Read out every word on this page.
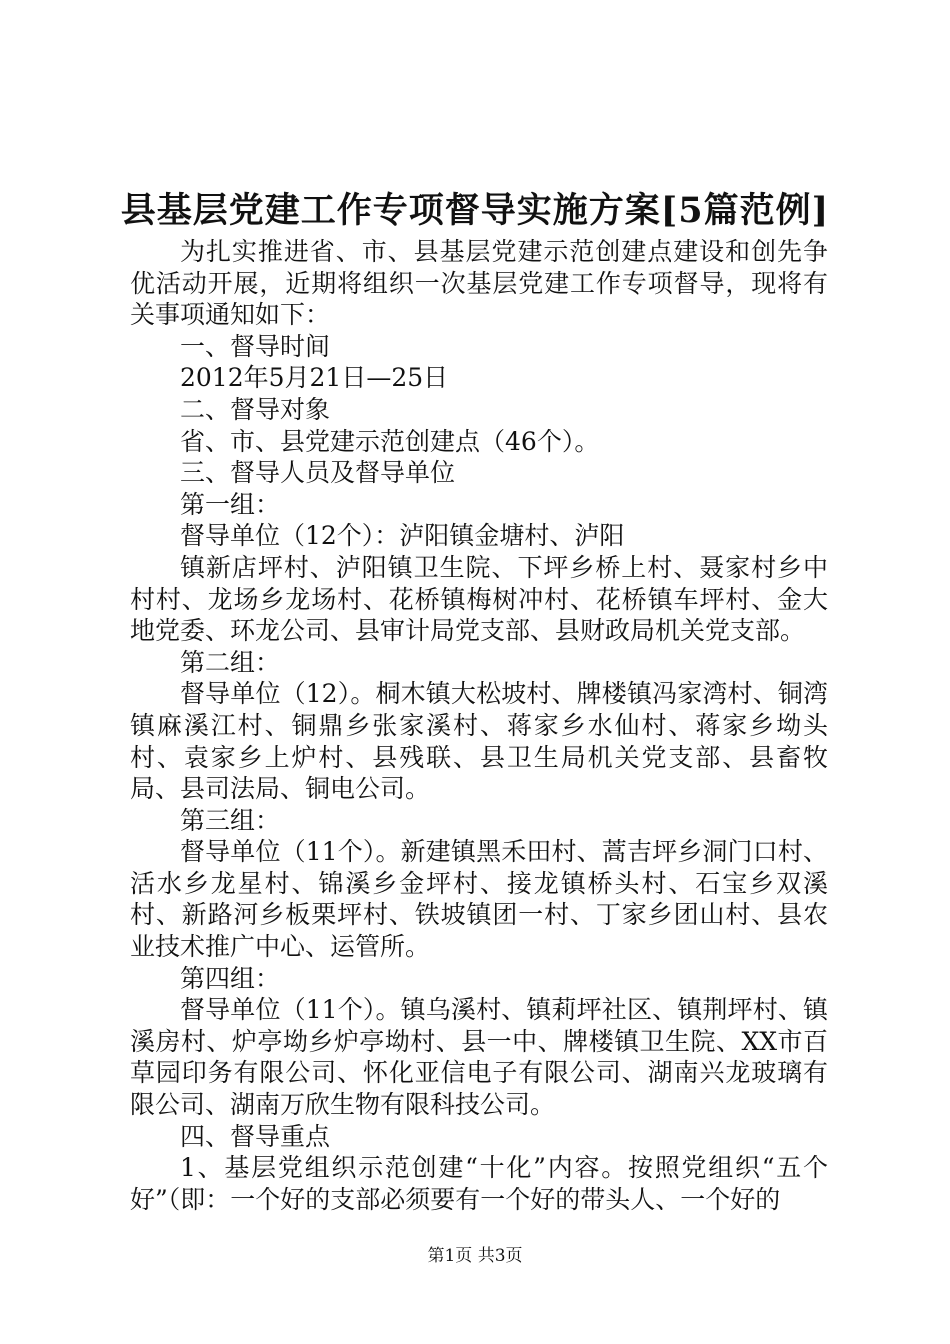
县基层党建工作专项督导实施方案[5篇范例]

为扎实推进省、市、县基层党建示范创建点建设和创先争优活动开展，近期将组织一次基层党建工作专项督导，现将有关事项通知如下：

一、督导时间

2012年5月21日—25日

二、督导对象

省、市、县党建示范创建点（46个）。

三、督导人员及督导单位

第一组：

督导单位（12个）：泸阳镇金塘村、泸阳

镇新店坪村、泸阳镇卫生院、下坪乡桥上村、聂家村乡中村村、龙场乡龙场村、花桥镇梅树冲村、花桥镇车坪村、金大地党委、环龙公司、县审计局党支部、县财政局机关党支部。

第二组：

督导单位（12）。桐木镇大松坡村、牌楼镇冯家湾村、铜湾镇麻溪江村、铜鼎乡张家溪村、蒋家乡水仙村、蒋家乡坳头村、袁家乡上炉村、县残联、县卫生局机关党支部、县畜牧局、县司法局、铜电公司。

第三组：

督导单位（11个）。新建镇黑禾田村、蒿吉坪乡洞门口村、活水乡龙星村、锦溪乡金坪村、接龙镇桥头村、石宝乡双溪村、新路河乡板栗坪村、铁坡镇团一村、丁家乡团山村、县农业技术推广中心、运管所。

第四组：

督导单位（11个）。镇乌溪村、镇莉坪社区、镇荆坪村、镇溪房村、炉亭坳乡炉亭坳村、县一中、牌楼镇卫生院、XX市百草园印务有限公司、怀化亚信电子有限公司、湖南兴龙玻璃有限公司、湖南万欣生物有限科技公司。

四、督导重点

1、基层党组织示范创建“十化”内容。按照党组织“五个好”（即：一个好的支部必须要有一个好的带头人、一个好的

第1页 共3页
